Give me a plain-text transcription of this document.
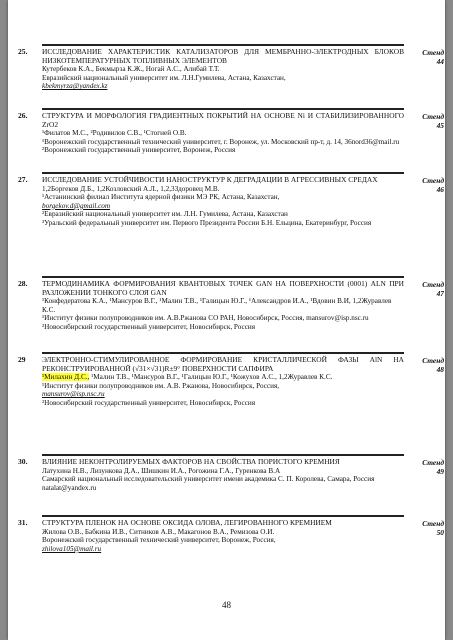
25.	Стенд
44
ИССЛЕДОВАНИЕ ХАРАКТЕРИСТИК КАТАЛИЗАТОРОВ ДЛЯ МЕМБРАННО-ЭЛЕКТРОДНЫХ БЛОКОВ НИЗКОТЕМПЕРАТУРНЫХ ТОПЛИВНЫХ ЭЛЕМЕНТОВ
Кутербеков К.А., Бекмырза К.Ж., Ногай А.С., Алибай Т.Т.
Евразийский национальный университет им. Л.Н.Гумилева, Астана, Казахстан,
kbekmyrza@yandex.kz
26.	Стенд
45
СТРУКТУРА И МОРФОЛОГИЯ ГРАДИЕНТНЫХ ПОКРЫТИЙ НА ОСНОВЕ Ni И СТАБИЛИЗИРОВАННОГО ZrO2
¹Филатов М.С., ²Родивилов С.В., ¹Стогней О.В.
¹Воронежский государственный технический университет, г. Воронеж, ул. Московский пр-т, д. 14, 36nord36@mail.ru
²Воронежский государственный университет, Воронеж, Россия
27.	Стенд
46
ИССЛЕДОВАНИЕ УСТОЙЧИВОСТИ НАНОСТРУКТУР К ДЕГРАДАЦИИ В АГРЕССИВНЫХ СРЕДАХ
1,2Боргеков Д.Б., 1,2Козловский А.Л., 1,2,3Здоровец М.В.
¹Астанинский филиал Института ядерной физики МЭ РК, Астана, Казахстан,
borgekov.d@gmail.com
²Евразийский национальный университет им. Л.Н. Гумилева, Астана, Казахстан
³Уральский федеральный университет им. Первого Президента России Б.Н. Ельцина, Екатеринбург, Россия
28.	Стенд
47
ТЕРМОДИНАМИКА ФОРМИРОВАНИЯ КВАНТОВЫХ ТОЧЕК GAN НА ПОВЕРХНОСТИ (0001) ALN ПРИ РАЗЛОЖЕНИИ ТОНКОГО СЛОЯ GAN
¹Конфедератова К.А., ¹Мансуров В.Г., ¹Малин Т.В., ¹Галицын Ю.Г., ¹Александров И.А., ¹Вдовин В.И, 1,2Журавлев К.С.
¹Институт физики полупроводников им. А.В.Ржанова СО РАН, Новосибирск, Россия, mansurov@isp.nsc.ru
²Новосибирский государственный университет, Новосибирск, Россия
29	Стенд
48
ЭЛЕКТРОННО-СТИМУЛИРОВАННОЕ ФОРМИРОВАНИЕ КРИСТАЛЛИЧЕСКОЙ ФАЗЫ AlN НА РЕКОНСТРУИРОВАННОЙ (√31×√31)R±9° ПОВЕРХНОСТИ САПФИРА
¹Милахин Д.С., ¹Малин Т.В., ¹Мансуров В.Г., ¹Галицын Ю.Г., ¹Кожухов А.С., 1,2Журавлев К.С.
¹Институт физики полупроводников им. А.В. Ржанова, Новосибирск, Россия,
mansurov@isp.nsc.ru
²Новосибирский государственный университет, Новосибирск, Россия
30.	Стенд
49
ВЛИЯНИЕ НЕКОНТРОЛИРУЕМЫХ ФАКТОРОВ НА СВОЙСТВА ПОРИСТОГО КРЕМНИЯ
Латухина Н.В., Лизункова Д.А., Шишкин И.А., Рогожина Г.А., Гуренкова В.А
Самарский национальный исследовательский университет имени академика С. П. Королева, Самара, Россия natalat@yandex.ru
31.	Стенд
50
СТРУКТУРА ПЛЕНОК НА ОСНОВЕ ОКСИДА ОЛОВА, ЛЕГИРОВАННОГО КРЕМНИЕМ
Жилова О.В., Бабкина И.В., Ситников А.В., Макагонов В.А., Ремизова О.И.
Воронежский государственный технический университет, Воронеж, Россия,
zhilova105@mail.ru
48
